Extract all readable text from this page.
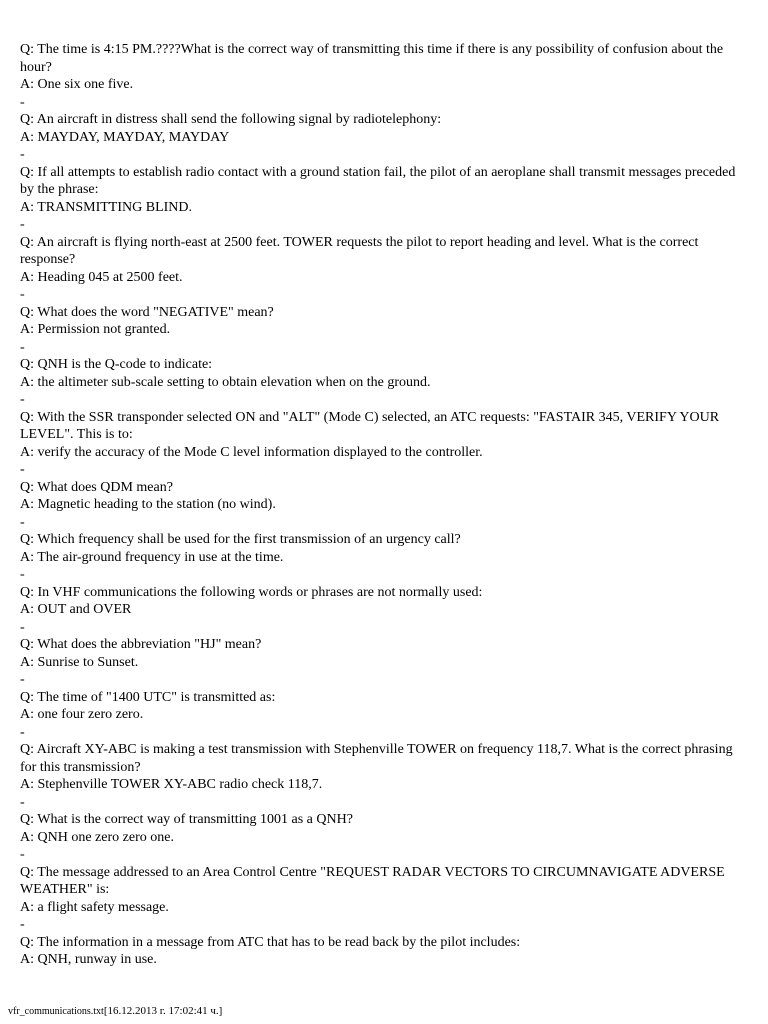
Q: The time is 4:15 PM.????What is the correct way of transmitting this time if there is any possibility of confusion about the hour?

A: One six one five.

-

Q: An aircraft in distress shall send the following signal by radiotelephony:

A: MAYDAY, MAYDAY, MAYDAY

-

Q: If all attempts to establish radio contact with a ground station fail, the pilot of an aeroplane shall transmit messages preceded by the phrase:

A: TRANSMITTING BLIND.

-

Q: An aircraft is flying north-east at 2500 feet. TOWER requests the pilot to report heading and level. What is the correct response?

A: Heading 045 at 2500 feet.

-

Q: What does the word "NEGATIVE" mean?

A: Permission not granted.

-

Q: QNH is the Q-code to indicate:

A: the altimeter sub-scale setting to obtain elevation when on the ground.

-

Q: With the SSR transponder selected ON and "ALT" (Mode C) selected, an ATC requests: "FASTAIR 345, VERIFY YOUR LEVEL". This is to:

A: verify the accuracy of the Mode C level information displayed to the controller.

-

Q: What does QDM mean?

A: Magnetic heading to the station (no wind).

-

Q: Which frequency shall be used for the first transmission of an urgency call?

A: The air-ground frequency in use at the time.

-

Q: In VHF communications the following words or phrases are not normally used:

A: OUT and OVER

-

Q: What does the abbreviation "HJ" mean?

A: Sunrise to Sunset.

-

Q: The time of "1400 UTC" is transmitted as:

A: one four zero zero.

-

Q: Aircraft XY-ABC is making a test transmission with Stephenville TOWER on frequency 118,7. What is the correct phrasing for this transmission?

A: Stephenville TOWER XY-ABC radio check 118,7.

-

Q: What is the correct way of transmitting 1001 as a QNH?

A: QNH one zero zero one.

-

Q: The message addressed to an Area Control Centre "REQUEST RADAR VECTORS TO CIRCUMNAVIGATE ADVERSE WEATHER" is:

A: a flight safety message.

-

Q: The information in a message from ATC that has to be read back by the pilot includes:

A: QNH, runway in use.

vfr_communications.txt[16.12.2013 г. 17:02:41 ч.]
